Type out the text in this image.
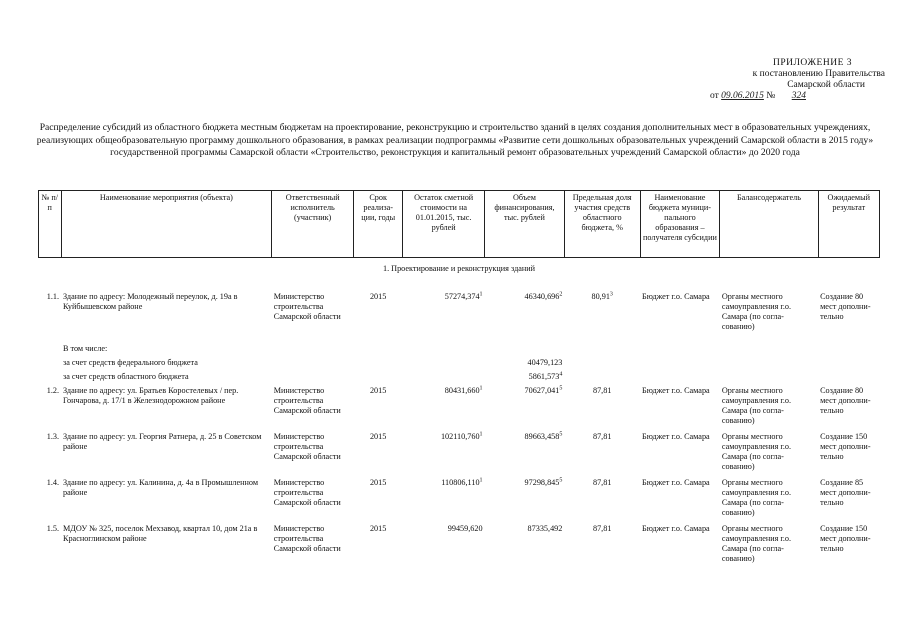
ПРИЛОЖЕНИЕ 3
к постановлению Правительства
Самарской области
от 09.06.2015 № 324
Распределение субсидий из областного бюджета местным бюджетам на проектирование, реконструкцию и строительство зданий в целях создания дополнительных мест в образовательных учреждениях, реализующих общеобразовательную программу дошкольного образования, в рамках реализации подпрограммы «Развитие сети дошкольных образовательных учреждений Самарской области в 2015 году» государственной программы Самарской области «Строительство, реконструкция и капитальный ремонт образовательных учреждений Самарской области» до 2020 года
№ п/п	Наименование мероприятия (объекта)	Ответственный исполнитель (участник)	Срок реализа-ции, годы	Остаток сметной стоимости на 01.01.2015, тыс. рублей	Объем финансирования, тыс. рублей	Предельная доля участия средств областного бюджета, %	Наименование бюджета муници-пального образования – получателя субсидии	Балансодержатель	Ожидаемый результат
1. Проектирование и реконструкция зданий									
1.1.	Здание по адресу: Молодежный переулок, д. 19а в Куйбышевском районе	Министерство строительства Самарской области	2015	57274,374$^1$	46340,696$^2$	80,91$^3$	Бюджет г.о. Самара	Органы местного самоуправления г.о. Самара (по согла-сованию)	Создание 80 мест дополни-тельно
	В том числе:								
	за счет средств федерального бюджета				40479,123				
	за счет средств областного бюджета				5861,573$^4$				
1.2.	Здание по адресу: ул. Братьев Коростелевых / пер. Гончарова, д. 17/1 в Железнодорожном районе	Министерство строительства Самарской области	2015	80431,660$^1$	70627,041$^5$	87,81	Бюджет г.о. Самара	Органы местного самоуправления г.о. Самара (по согла-сованию)	Создание 80 мест дополни-тельно
1.3.	Здание по адресу: ул. Георгия Ратнера, д. 25 в Советском районе	Министерство строительства Самарской области	2015	102110,760$^1$	89663,458$^5$	87,81	Бюджет г.о. Самара	Органы местного самоуправления г.о. Самара (по согла-сованию)	Создание 150 мест дополни-тельно
1.4.	Здание по адресу: ул. Калинина, д. 4а в Промышленном районе	Министерство строительства Самарской области	2015	110806,110$^1$	97298,845$^5$	87,81	Бюджет г.о. Самара	Органы местного самоуправления г.о. Самара (по согла-сованию)	Создание 85 мест дополни-тельно
1.5.	МДОУ № 325, поселок Мехзавод, квартал 10, дом 21а в Красноглинском районе	Министерство строительства Самарской области	2015	99459,620	87335,492	87,81	Бюджет г.о. Самара	Органы местного самоуправления г.о. Самара (по согла-сованию)	Создание 150 мест дополни-тельно
